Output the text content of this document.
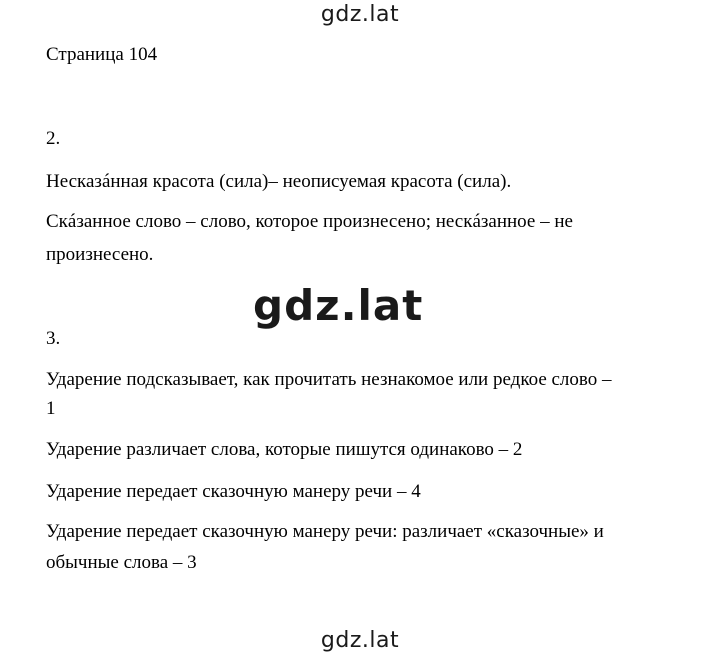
gdz.lat
gdz.lat
gdz.lat
Страница 104
2.
Несказáнная красота (сила)– неописуемая красота (сила).
Скáзанное слово – слово, которое произнесено; нескáзанное – не
произнесено.
3.
Ударение подсказывает, как прочитать незнакомое или редкое слово –
1
Ударение различает слова, которые пишутся одинаково – 2
Ударение передает сказочную манеру речи – 4
Ударение передает сказочную манеру речи: различает «сказочные» и
обычные слова – 3
